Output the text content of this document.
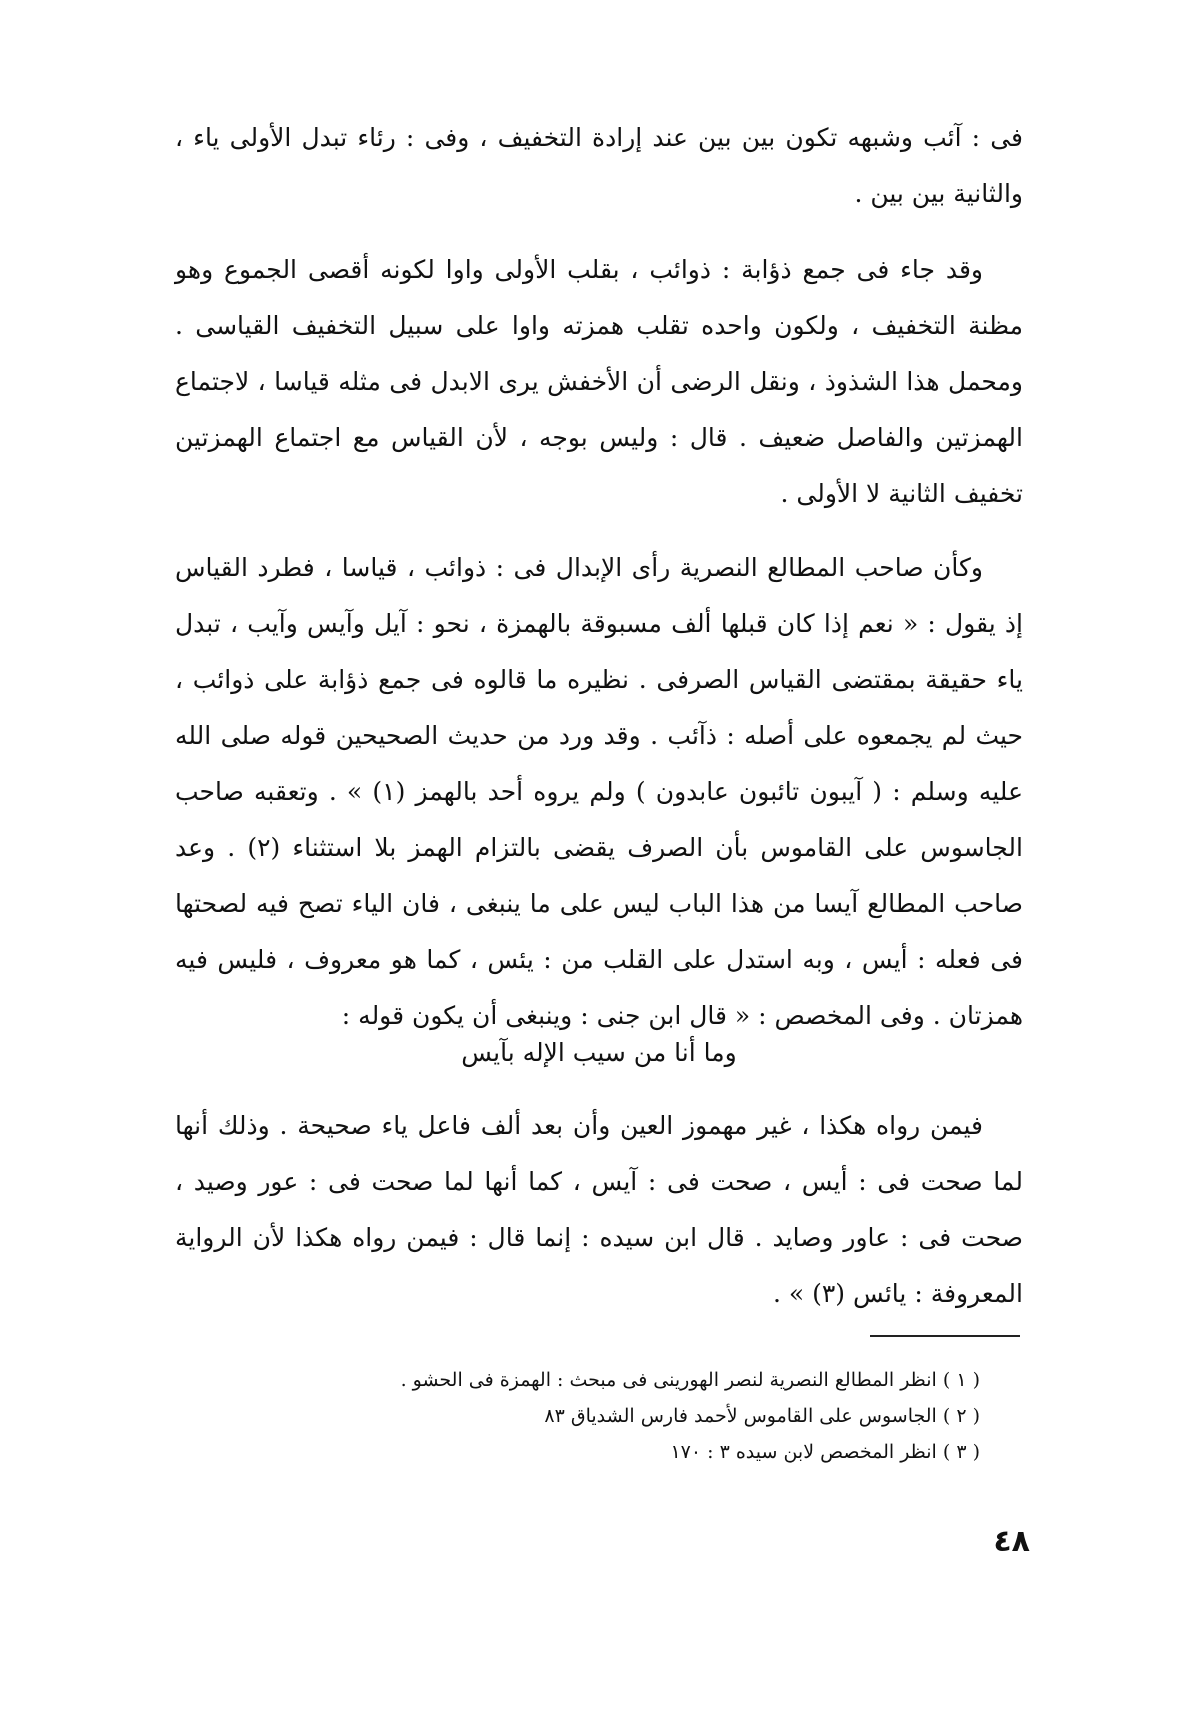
فى : آئب وشبهه تكون بين بين عند إرادة التخفيف ، وفى : رئاء تبدل الأولى ياء ، والثانية بين بين .

وقد جاء فى جمع ذؤابة : ذوائب ، بقلب الأولى واوا لكونه أقصى الجموع وهو مظنة التخفيف ، ولكون واحده تقلب همزته واوا على سبيل التخفيف القياسى . ومحمل هذا الشذوذ ، ونقل الرضى أن الأخفش يرى الابدل فى مثله قياسا ، لاجتماع الهمزتين والفاصل ضعيف . قال : وليس بوجه ، لأن القياس مع اجتماع الهمزتين تخفيف الثانية لا الأولى .

وكأن صاحب المطالع النصرية رأى الإبدال فى : ذوائب ، قياسا ، فطرد القياس إذ يقول : « نعم إذا كان قبلها ألف مسبوقة بالهمزة ، نحو : آيل وآيس وآيب ، تبدل ياء حقيقة بمقتضى القياس الصرفى . نظيره ما قالوه فى جمع ذؤابة على ذوائب ، حيث لم يجمعوه على أصله : ذآئب . وقد ورد من حديث الصحيحين قوله صلى الله عليه وسلم : ( آيبون تائبون عابدون ) ولم يروه أحد بالهمز (١) » . وتعقبه صاحب الجاسوس على القاموس بأن الصرف يقضى بالتزام الهمز بلا استثناء (٢) . وعد صاحب المطالع آيسا من هذا الباب ليس على ما ينبغى ، فان الياء تصح فيه لصحتها فى فعله : أيس ، وبه استدل على القلب من : يئس ، كما هو معروف ، فليس فيه همزتان . وفى المخصص : « قال ابن جنى : وينبغى أن يكون قوله :

وما أنا من سيب الإله بآيس

فيمن رواه هكذا ، غير مهموز العين وأن بعد ألف فاعل ياء صحيحة . وذلك أنها لما صحت فى : أيس ، صحت فى : آيس ، كما أنها لما صحت فى : عور وصيد ، صحت فى : عاور وصايد . قال ابن سيده : إنما قال : فيمن رواه هكذا لأن الرواية المعروفة : يائس (٣) » .

( ١ ) انظر المطالع النصرية لنصر الهورينى فى مبحث : الهمزة فى الحشو .
( ٢ ) الجاسوس على القاموس لأحمد فارس الشدياق ٨٣
( ٣ ) انظر المخصص لابن سيده ٣ : ١٧٠
٤٨
